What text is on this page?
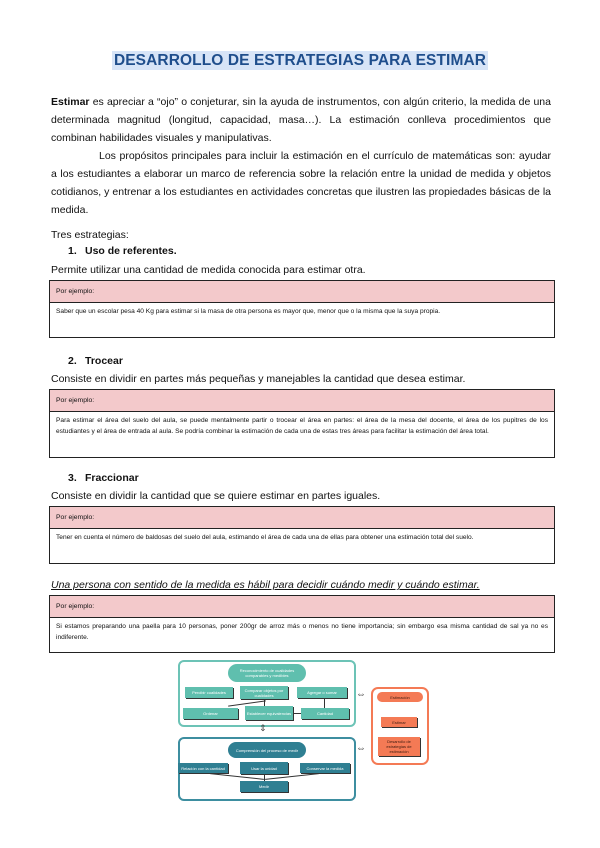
DESARROLLO DE ESTRATEGIAS PARA ESTIMAR
Estimar es apreciar a “ojo” o conjeturar, sin la ayuda de instrumentos, con algún criterio, la medida de una determinada magnitud (longitud, capacidad, masa…). La estimación conlleva procedimientos que combinan habilidades visuales y manipulativas.
Los propósitos principales para incluir la estimación en el currículo de matemáticas son: ayudar a los estudiantes a elaborar un marco de referencia sobre la relación entre la unidad de medida y objetos cotidianos, y entrenar a los estudiantes en actividades concretas que ilustren las propiedades básicas de la medida.
Tres estrategias:
1. Uso de referentes.
Permite utilizar una cantidad de medida conocida para estimar otra.
Por ejemplo:
Saber que un escolar pesa 40 Kg para estimar si la masa de otra persona es mayor que, menor que o la misma que la suya propia.
2. Trocear
Consiste en dividir en partes más pequeñas y manejables la cantidad que desea estimar.
Por ejemplo:
Para estimar el área del suelo del aula, se puede mentalmente partir o trocear el área en partes: el área de la mesa del docente, el área de los pupitres de los estudiantes y el área de entrada al aula. Se podría combinar la estimación de cada una de estas tres áreas para facilitar la estimación del área total.
3. Fraccionar
Consiste en dividir la cantidad que se quiere estimar en partes iguales.
Por ejemplo:
Tener en cuenta el número de baldosas del suelo del aula, estimando el área de cada una de ellas para obtener una estimación total del suelo.
Una persona con sentido de la medida es hábil para decidir cuándo medir y cuándo estimar.
Por ejemplo:
Si estamos preparando una paella para 10 personas, poner 200gr de arroz más o menos no tiene importancia; sin embargo esa misma cantidad de sal ya no es indiferente.
Reconocimiento de cualidades comparables y medibles
Percibir cualidades	Comparar objetos por cualidades	Agregar o sumar
Ordenar	Establecer equivalencias	Cantidad
⇕
Comprensión del proceso de medir
Relación con la cantidad	Usar la unidad	Conservar la medida
Medir
⇔
⇔
Estimación
Estimar
Desarrollo de estrategias de estimación
